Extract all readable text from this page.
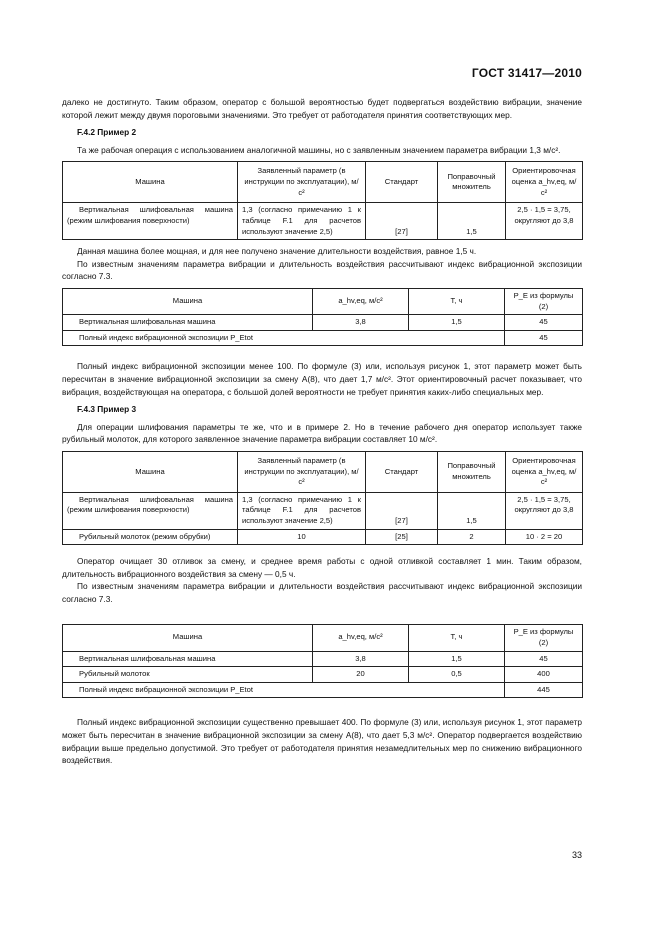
ГОСТ 31417—2010

далеко не достигнуто. Таким образом, оператор с большой вероятностью будет подвергаться воздействию вибрации, значение которой лежит между двумя пороговыми значениями. Это требует от работодателя принятия соответствующих мер.

F.4.2 Пример 2

Та же рабочая операция с использованием аналогичной машины, но с заявленным значением параметра вибрации 1,3 м/с².

Машина	Заявленный параметр (в инструкции по эксплуатации), м/с²	Стандарт	Поправочный множитель	Ориентировочная оценка a_hv,eq, м/с²
Вертикальная шлифовальная машина (режим шлифования поверхности)	1,3 (согласно примечанию 1 к таблице F.1 для расчетов используют значение 2,5)	[27]	1,5	2,5 · 1,5 = 3,75, округляют до 3,8

Данная машина более мощная, и для нее получено значение длительности воздействия, равное 1,5 ч.

По известным значениям параметра вибрации и длительность воздействия рассчитывают индекс вибрационной экспозиции согласно 7.3.

Машина	a_hv,eq, м/с²	T, ч	P_E из формулы (2)
Вертикальная шлифовальная машина	3,8	1,5	45
Полный индекс вибрационной экспозиции P_Etot			45

Полный индекс вибрационной экспозиции менее 100. По формуле (3) или, используя рисунок 1, этот параметр может быть пересчитан в значение вибрационной экспозиции за смену A(8), что дает 1,7 м/с². Этот ориентировочный расчет показывает, что вибрация, воздействующая на оператора, с большой долей вероятности не требует принятия каких-либо специальных мер.

F.4.3 Пример 3

Для операции шлифования параметры те же, что и в примере 2. Но в течение рабочего дня оператор использует также рубильный молоток, для которого заявленное значение параметра вибрации составляет 10 м/с².

Машина	Заявленный параметр (в инструкции по эксплуатации), м/с²	Стандарт	Поправочный множитель	Ориентировочная оценка a_hv,eq, м/с²
Вертикальная шлифовальная машина (режим шлифования поверхности)	1,3 (согласно примечанию 1 к таблице F.1 для расчетов используют значение 2,5)	[27]	1,5	2,5 · 1,5 = 3,75, округляют до 3,8
Рубильный молоток (режим обрубки)	10	[25]	2	10 · 2 = 20

Оператор очищает 30 отливок за смену, и среднее время работы с одной отливкой составляет 1 мин. Таким образом, длительность вибрационного воздействия за смену — 0,5 ч.

По известным значениям параметра вибрации и длительности воздействия рассчитывают индекс вибрационной экспозиции согласно 7.3.

Машина	a_hv,eq, м/с²	T, ч	P_E из формулы (2)
Вертикальная шлифовальная машина	3,8	1,5	45
Рубильный молоток	20	0,5	400
Полный индекс вибрационной экспозиции P_Etot			445

Полный индекс вибрационной экспозиции существенно превышает 400. По формуле (3) или, используя рисунок 1, этот параметр может быть пересчитан в значение вибрационной экспозиции за смену A(8), что дает 5,3 м/с². Оператор подвергается воздействию вибрации выше предельно допустимой. Это требует от работодателя принятия незамедлительных мер по снижению вибрационного воздействия.

33
